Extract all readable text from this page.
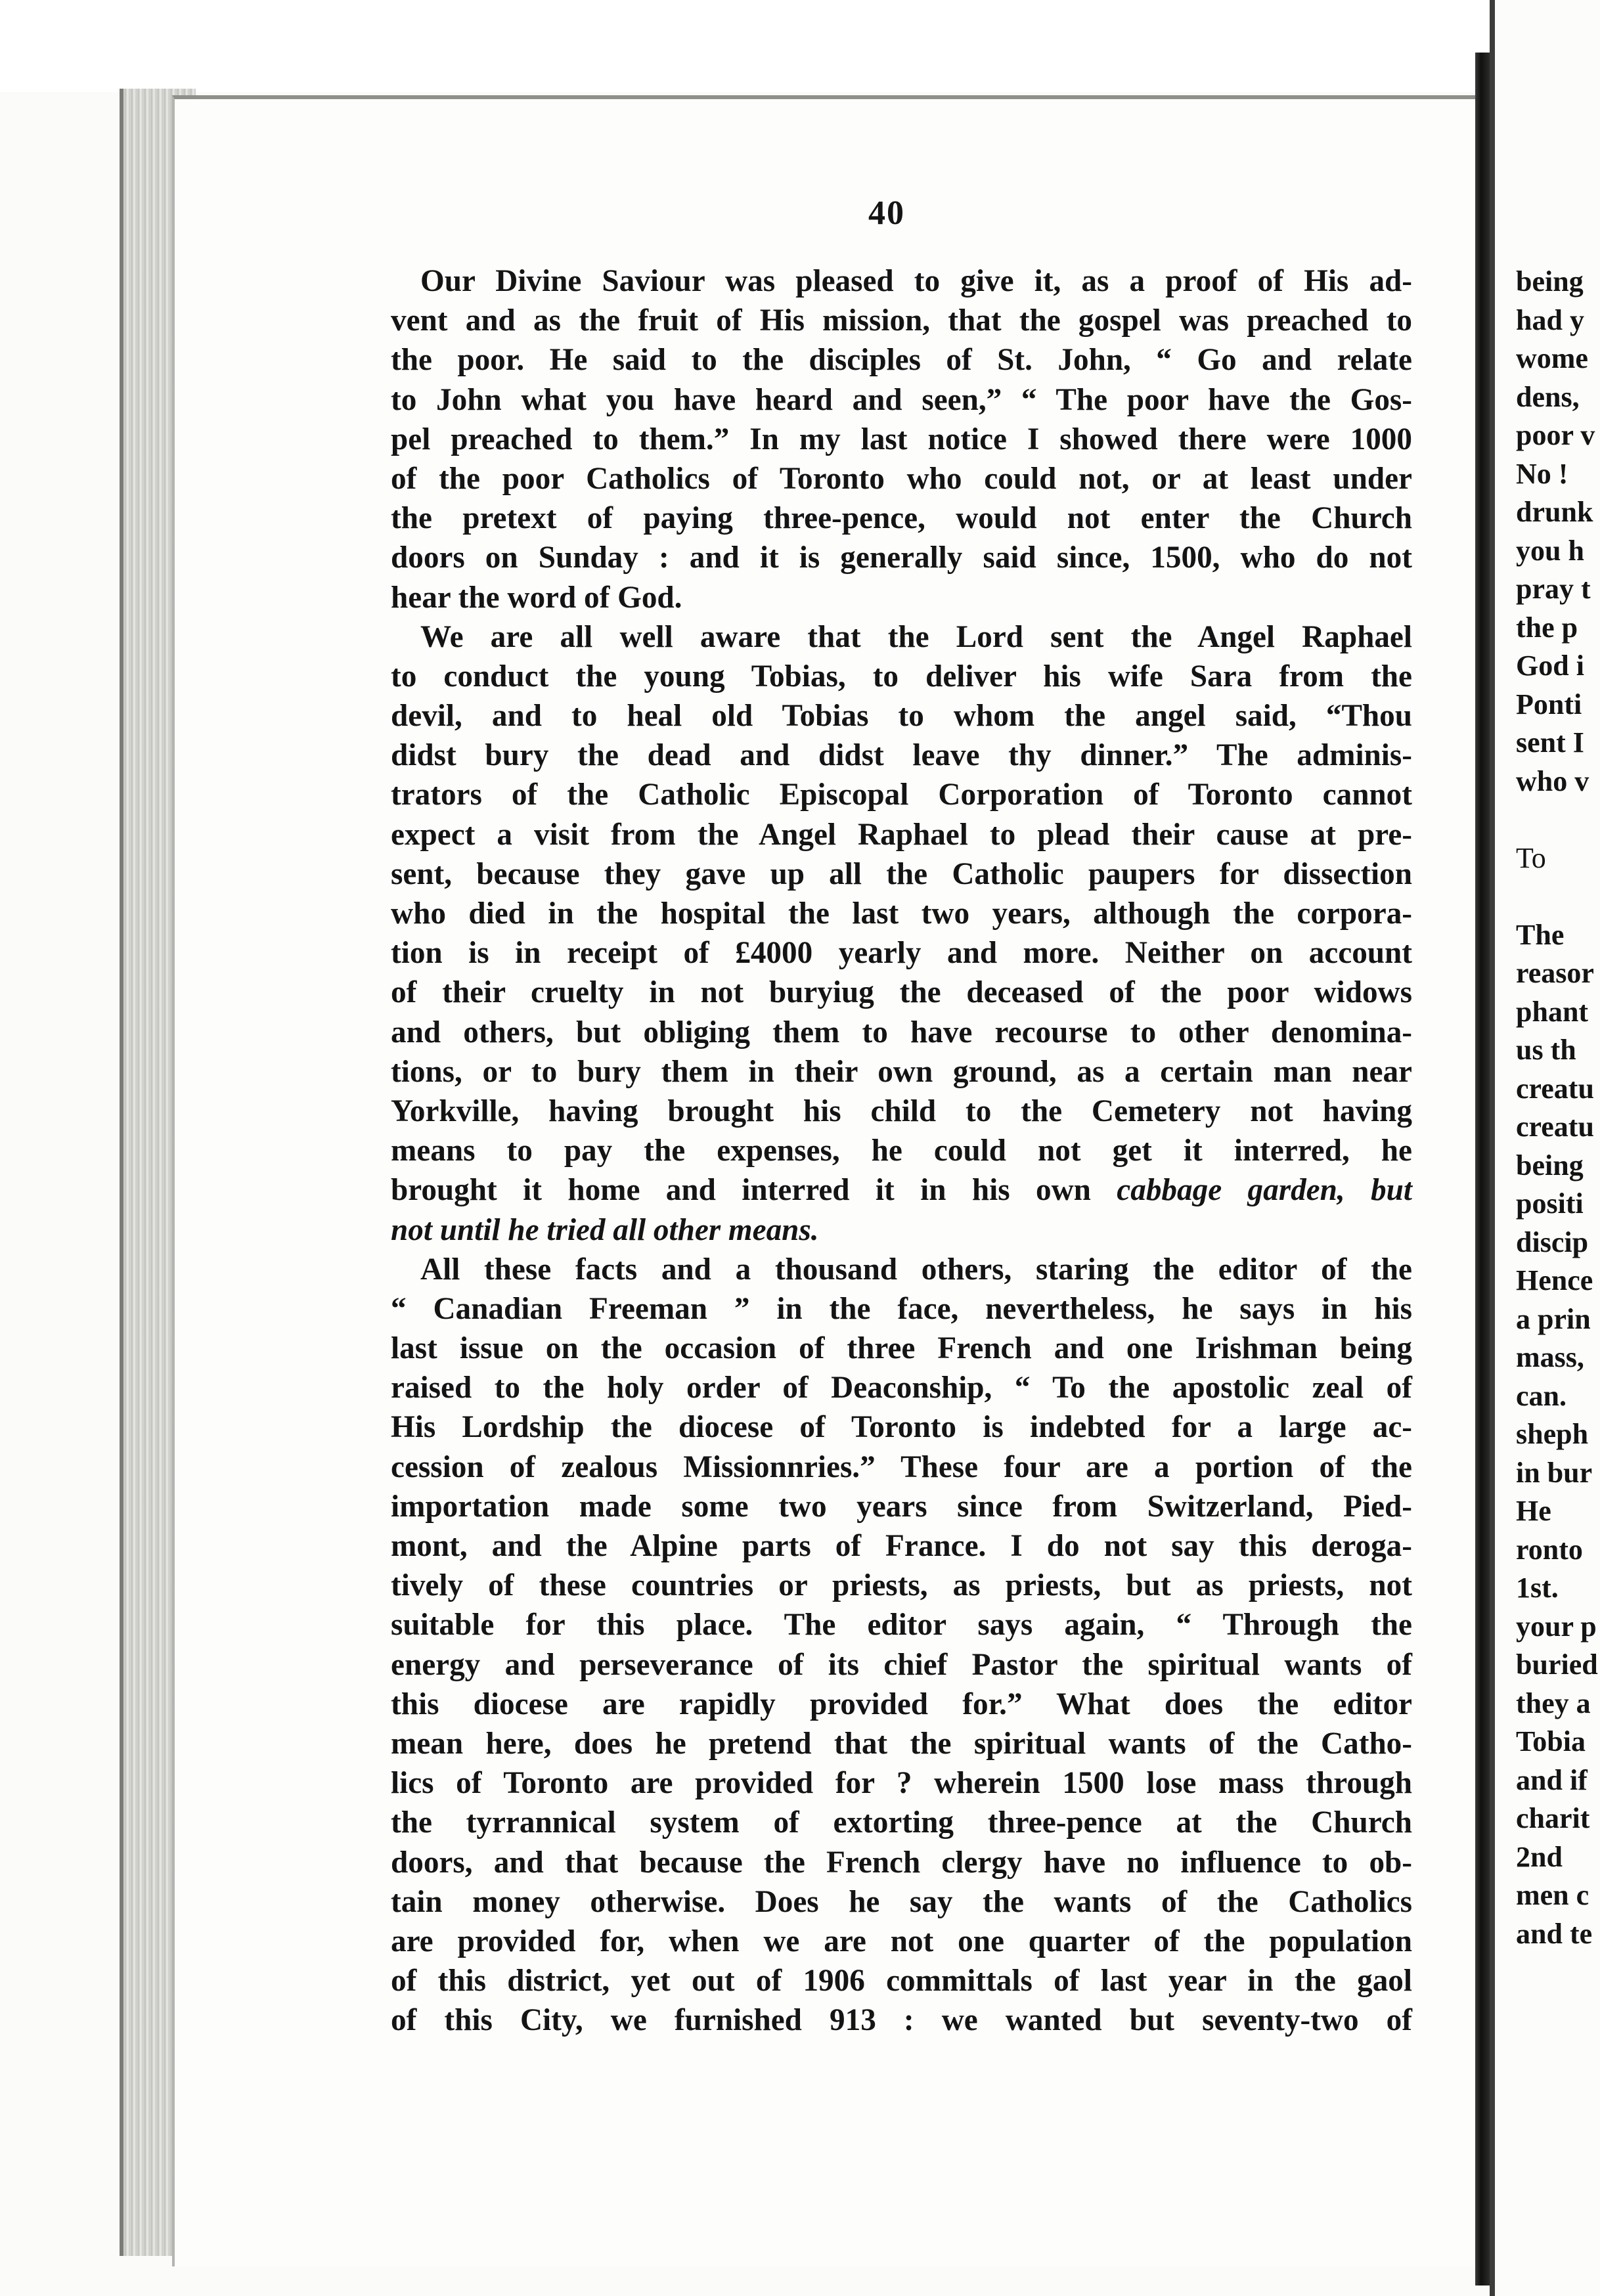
40
Our Divine Saviour was pleased to give it, as a proof of His ad-
vent and as the fruit of His mission, that the gospel was preached to
the poor. He said to the disciples of St. John, “ Go and relate
to John what you have heard and seen,” “ The poor have the Gos-
pel preached to them.” In my last notice I showed there were 1000
of the poor Catholics of Toronto who could not, or at least under
the pretext of paying three-pence, would not enter the Church
doors on Sunday : and it is generally said since, 1500, who do not
hear the word of God.
We are all well aware that the Lord sent the Angel Raphael
to conduct the young Tobias, to deliver his wife Sara from the
devil, and to heal old Tobias to whom the angel said, “Thou
didst bury the dead and didst leave thy dinner.” The adminis-
trators of the Catholic Episcopal Corporation of Toronto cannot
expect a visit from the Angel Raphael to plead their cause at pre-
sent, because they gave up all the Catholic paupers for dissection
who died in the hospital the last two years, although the corpora-
tion is in receipt of £4000 yearly and more. Neither on account
of their cruelty in not buryiug the deceased of the poor widows
and others, but obliging them to have recourse to other denomina-
tions, or to bury them in their own ground, as a certain man near
Yorkville, having brought his child to the Cemetery not having
means to pay the expenses, he could not get it interred, he
brought it home and interred it in his own cabbage garden, but
not until he tried all other means.
All these facts and a thousand others, staring the editor of the
“ Canadian Freeman ” in the face, nevertheless, he says in his
last issue on the occasion of three French and one Irishman being
raised to the holy order of Deaconship, “ To the apostolic zeal of
His Lordship the diocese of Toronto is indebted for a large ac-
cession of zealous Missionnries.” These four are a portion of the
importation made some two years since from Switzerland, Pied-
mont, and the Alpine parts of France. I do not say this deroga-
tively of these countries or priests, as priests, but as priests, not
suitable for this place. The editor says again, “ Through the
energy and perseverance of its chief Pastor the spiritual wants of
this diocese are rapidly provided for.” What does the editor
mean here, does he pretend that the spiritual wants of the Catho-
lics of Toronto are provided for ? wherein 1500 lose mass through
the tyrrannical system of extorting three-pence at the Church
doors, and that because the French clergy have no influence to ob-
tain money otherwise. Does he say the wants of the Catholics
are provided for, when we are not one quarter of the population
of this district, yet out of 1906 committals of last year in the gaol
of this City, we furnished 913 : we wanted but seventy-two of
being
had y
wome
dens,
poor v
No !
drunk
you h
pray t
the p
God i
Ponti
sent I
who v
To
The
reasor
phant
us th
creatu
creatu
being
positi
discip
Hence
a prin
mass,
can.
sheph
in bur
He
ronto
1st.
your p
buried
they a
Tobia
and if
charit
2nd
men c
and te
